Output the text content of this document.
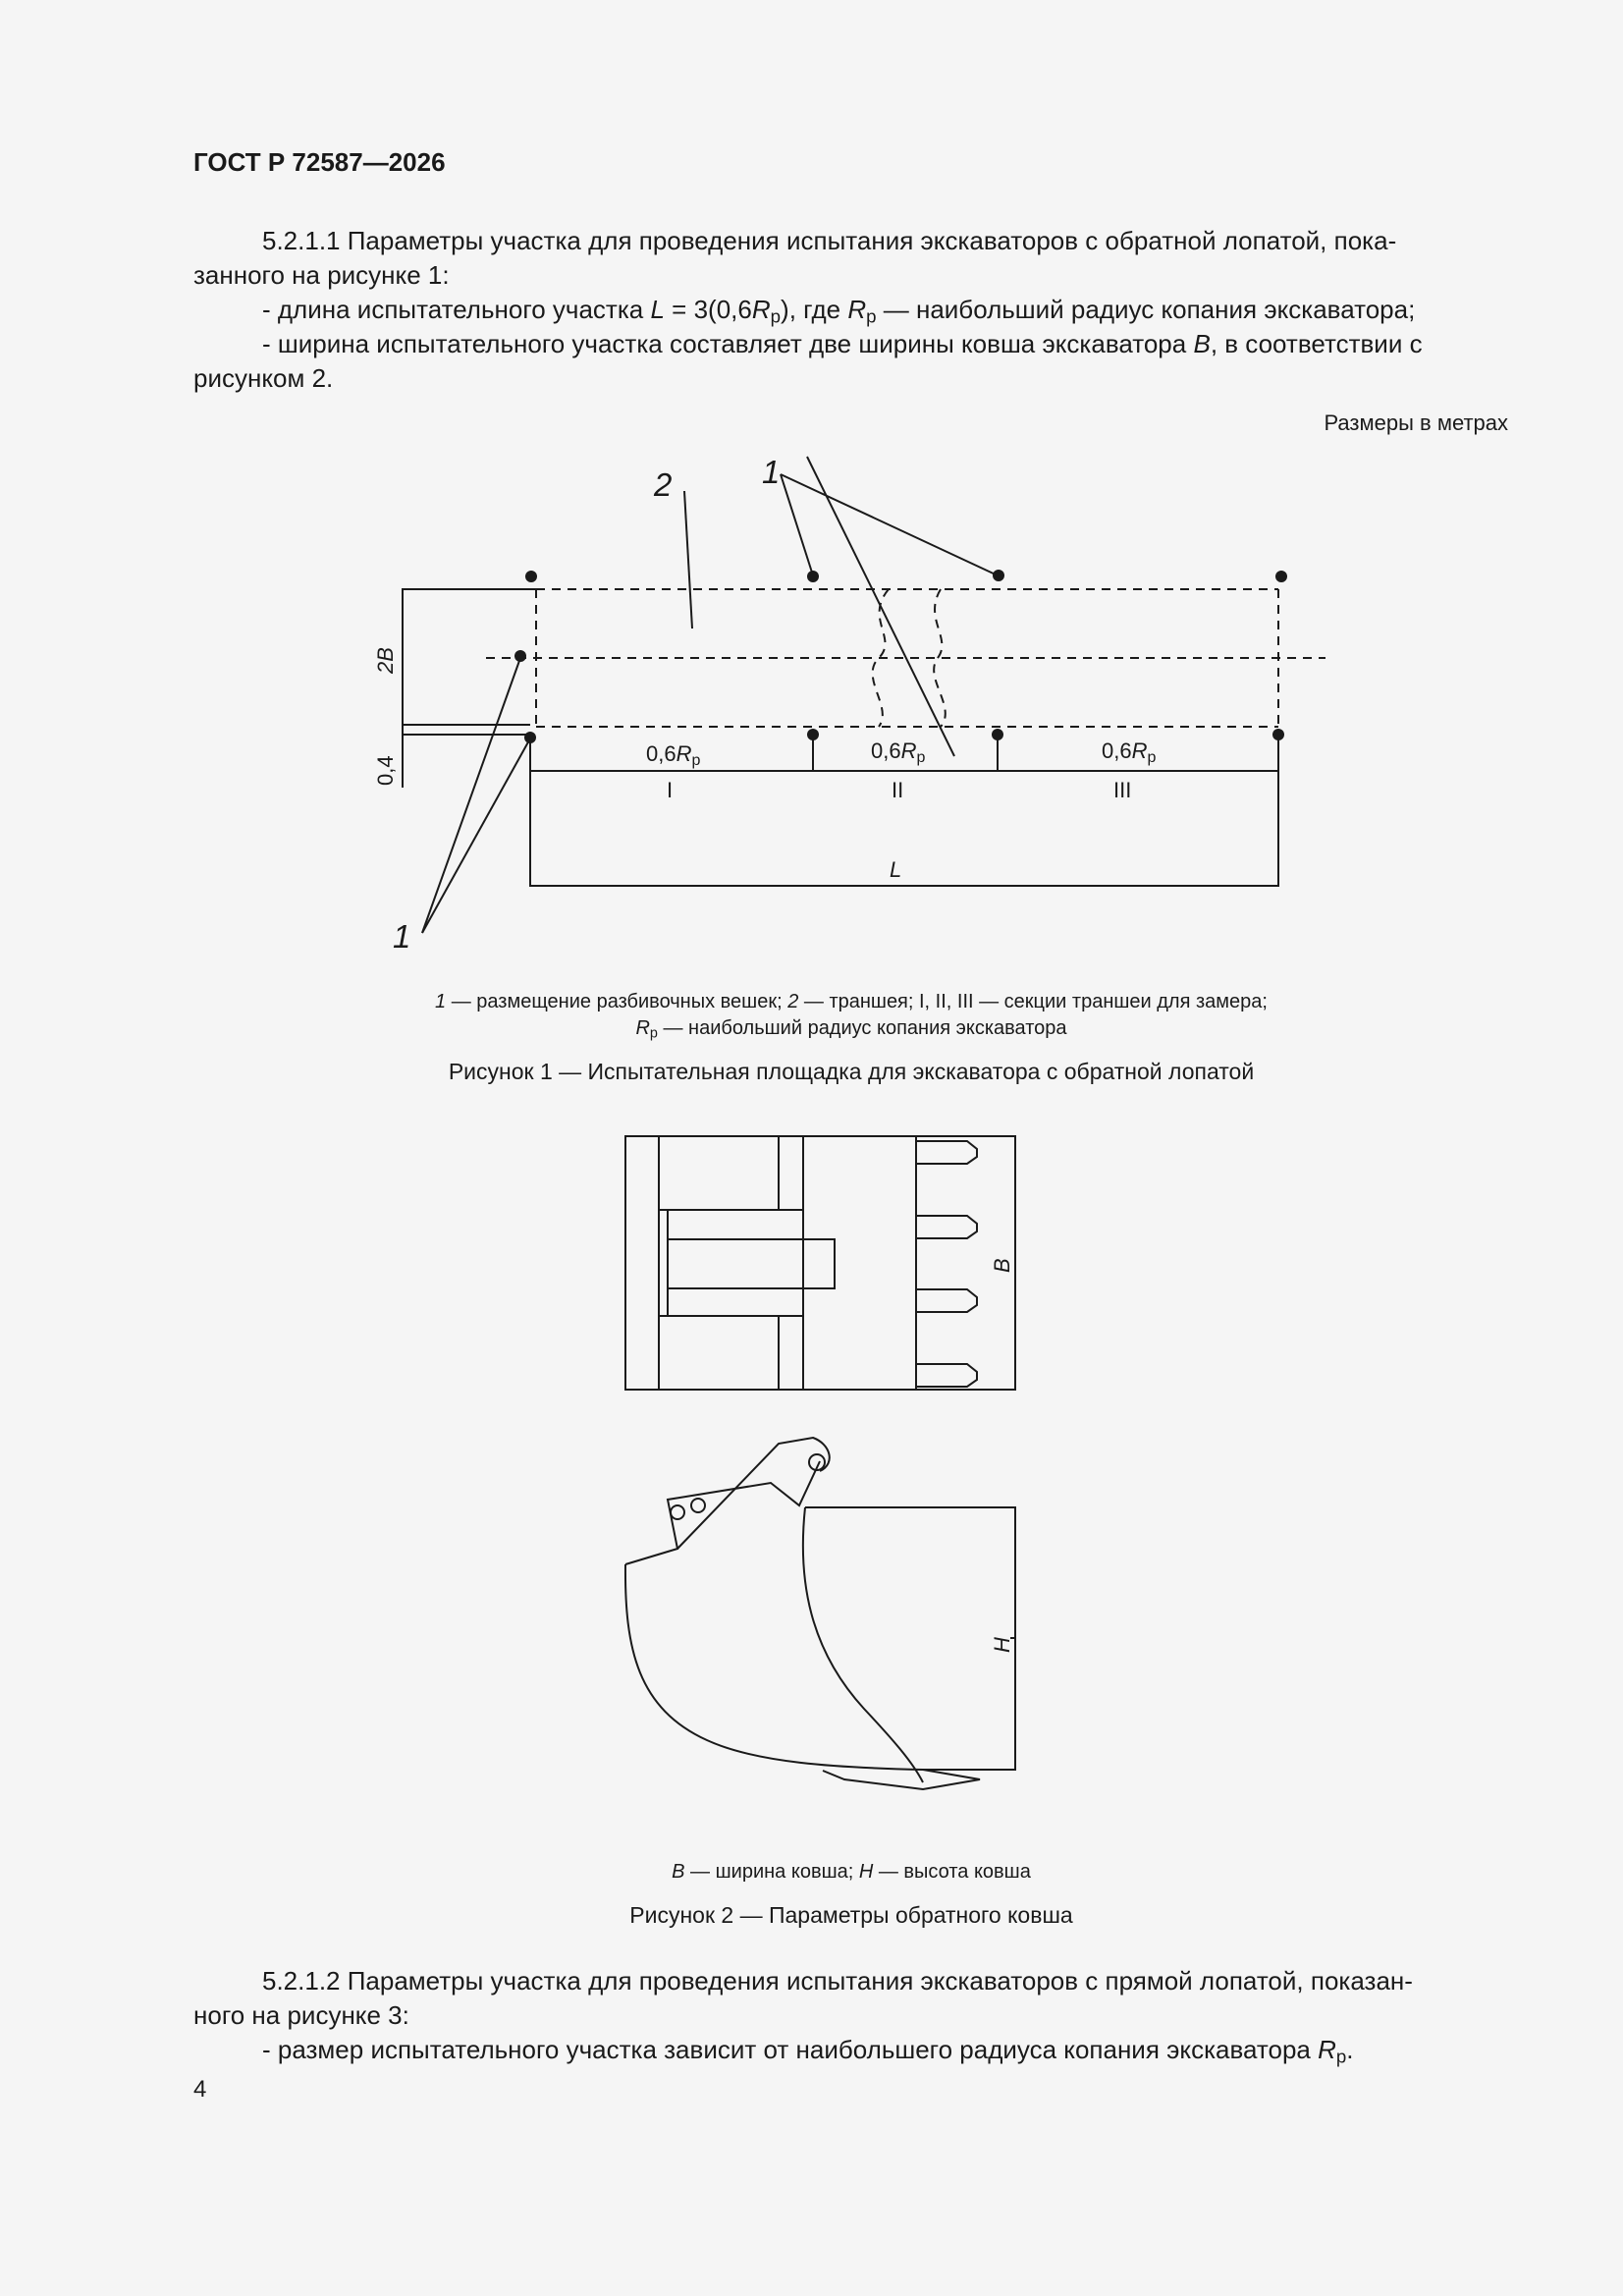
ГОСТ Р 72587—2026
5.2.1.1 Параметры участка для проведения испытания экскаваторов с обратной лопатой, пока-
занного на рисунке 1:
- длина испытательного участка $L = 3(0,6R_р)$, где $R_р$ — наибольший радиус копания экскаватора;
- ширина испытательного участка составляет две ширины ковша экскаватора B, в соответствии с
рисунком 2.
Размеры в метрах
1
2
1
2B
0,4
0,6Rр	0,6Rр	0,6Rр
I	II	III
L
B
H
1 — размещение разбивочных вешек; 2 — траншея; I, II, III — секции траншеи для замера;
$R_р$ — наибольший радиус копания экскаватора
Рисунок 1 — Испытательная площадка для экскаватора с обратной лопатой
B — ширина ковша; H — высота ковша
Рисунок 2 — Параметры обратного ковша
5.2.1.2 Параметры участка для проведения испытания экскаваторов с прямой лопатой, показан-
ного на рисунке 3:
- размер испытательного участка зависит от наибольшего радиуса копания экскаватора $R_р$.
4
